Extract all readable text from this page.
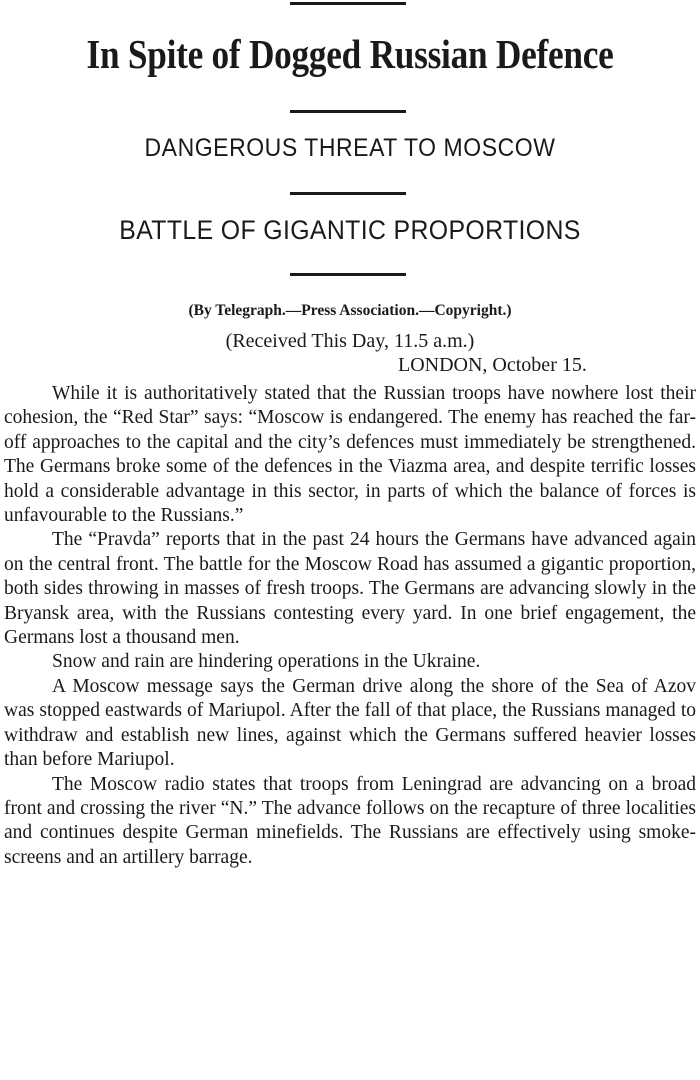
In Spite of Dogged Russian Defence
DANGEROUS THREAT TO MOSCOW
BATTLE OF GIGANTIC PROPORTIONS
(By Telegraph.—Press Association.—Copyright.)
(Received This Day, 11.5 a.m.)
LONDON, October 15.

While it is authoritatively stated that the Russian troops have nowhere lost their cohesion, the “Red Star” says: “Moscow is endangered. The enemy has reached the far-off approaches to the capital and the city’s defences must immediately be strengthened. The Germans broke some of the defences in the Viazma area, and despite terrific losses hold a considerable advantage in this sector, in parts of which the balance of forces is unfavourable to the Russians.”

The “Pravda” reports that in the past 24 hours the Germans have advanced again on the central front. The battle for the Moscow Road has assumed a gigantic proportion, both sides throwing in masses of fresh troops. The Germans are advancing slowly in the Bryansk area, with the Russians contesting every yard. In one brief engagement, the Germans lost a thousand men.

Snow and rain are hindering operations in the Ukraine.

A Moscow message says the German drive along the shore of the Sea of Azov was stopped eastwards of Mariupol. After the fall of that place, the Russians managed to withdraw and establish new lines, against which the Germans suffered heavier losses than before Mariupol.

The Moscow radio states that troops from Leningrad are advancing on a broad front and crossing the river “N.” The advance follows on the recapture of three localities and continues despite German minefields. The Russians are effectively using smoke-screens and an artillery barrage.
